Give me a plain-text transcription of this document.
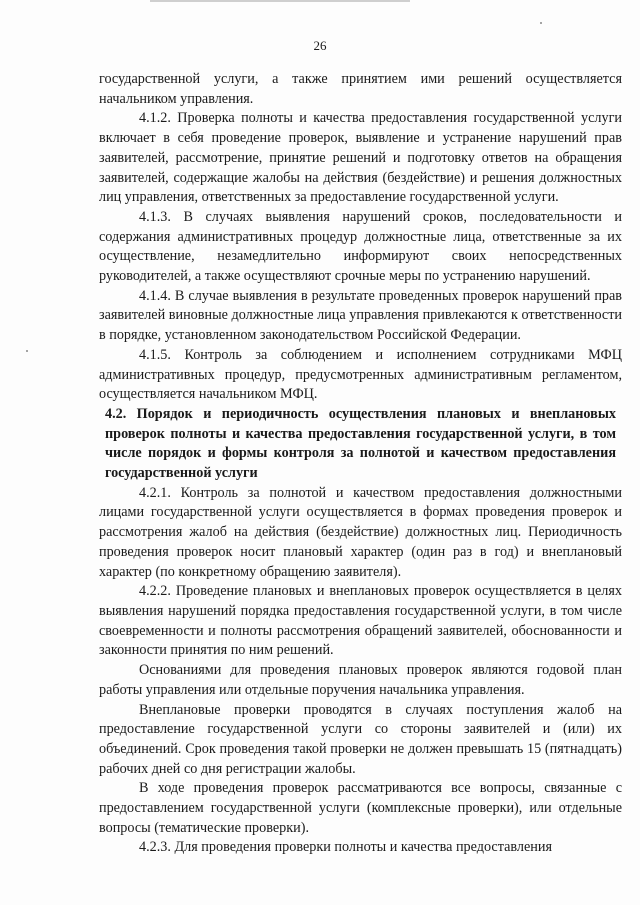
26

государственной услуги, а также принятием ими решений осуществляется начальником управления.

4.1.2. Проверка полноты и качества предоставления государственной услуги включает в себя проведение проверок, выявление и устранение нарушений прав заявителей, рассмотрение, принятие решений и подготовку ответов на обращения заявителей, содержащие жалобы на действия (бездействие) и решения должностных лиц управления, ответственных за предоставление государственной услуги.

4.1.3. В случаях выявления нарушений сроков, последовательности и содержания административных процедур должностные лица, ответственные за их осуществление, незамедлительно информируют своих непосредственных руководителей, а также осуществляют срочные меры по устранению нарушений.

4.1.4. В случае выявления в результате проведенных проверок нарушений прав заявителей виновные должностные лица управления привлекаются к ответственности в порядке, установленном законодательством Российской Федерации.

4.1.5. Контроль за соблюдением и исполнением сотрудниками МФЦ административных процедур, предусмотренных административным регламентом, осуществляется начальником МФЦ.

4.2. Порядок и периодичность осуществления плановых и внеплановых проверок полноты и качества предоставления государственной услуги, в том числе порядок и формы контроля за полнотой и качеством предоставления государственной услуги

4.2.1. Контроль за полнотой и качеством предоставления должностными лицами государственной услуги осуществляется в формах проведения проверок и рассмотрения жалоб на действия (бездействие) должностных лиц. Периодичность проведения проверок носит плановый характер (один раз в год) и внеплановый характер (по конкретному обращению заявителя).

4.2.2. Проведение плановых и внеплановых проверок осуществляется в целях выявления нарушений порядка предоставления государственной услуги, в том числе своевременности и полноты рассмотрения обращений заявителей, обоснованности и законности принятия по ним решений.

Основаниями для проведения плановых проверок являются годовой план работы управления или отдельные поручения начальника управления.

Внеплановые проверки проводятся в случаях поступления жалоб на предоставление государственной услуги со стороны заявителей и (или) их объединений. Срок проведения такой проверки не должен превышать 15 (пятнадцать) рабочих дней со дня регистрации жалобы.

В ходе проведения проверок рассматриваются все вопросы, связанные с предоставлением государственной услуги (комплексные проверки), или отдельные вопросы (тематические проверки).

4.2.3. Для проведения проверки полноты и качества предоставления
